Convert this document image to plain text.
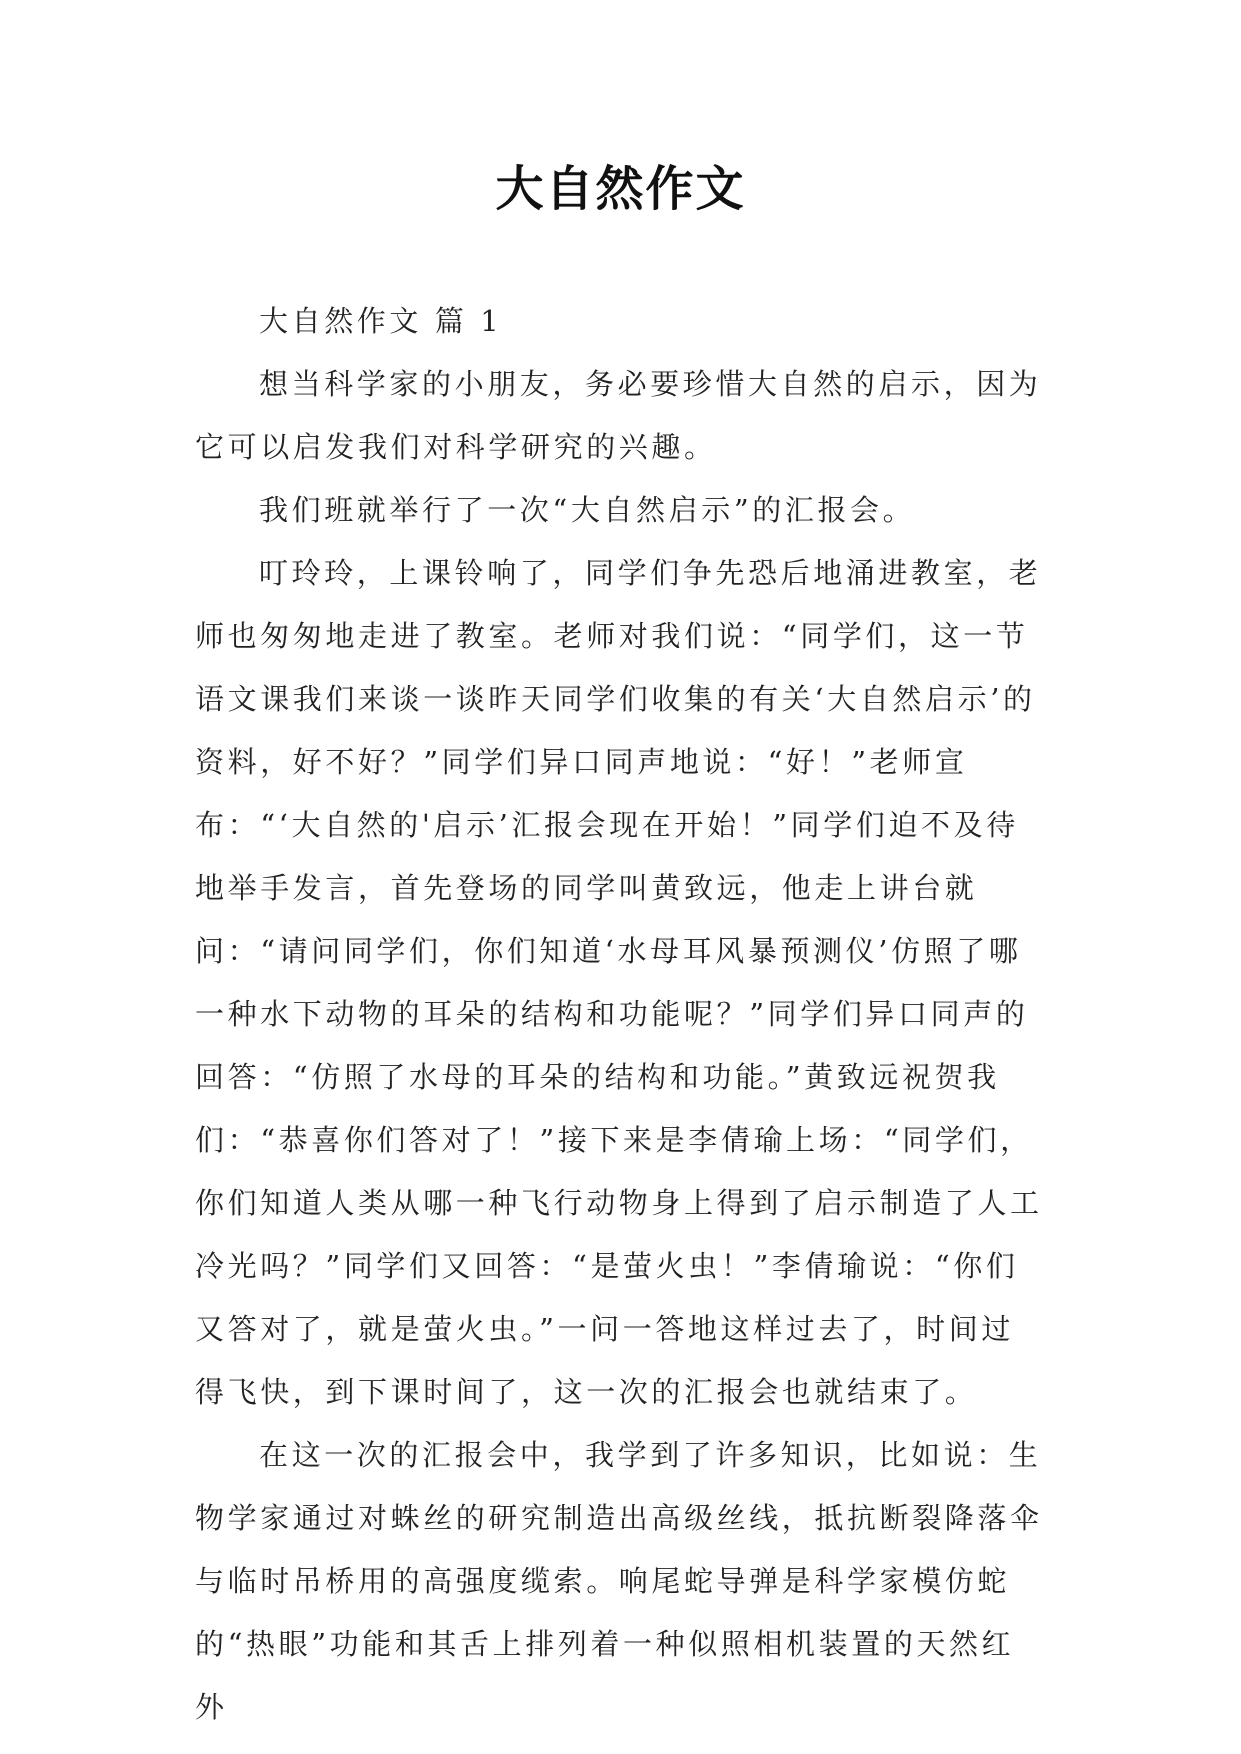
大自然作文

大自然作文 篇 1

想当科学家的小朋友，务必要珍惜大自然的启示，因为它可以启发我们对科学研究的兴趣。

我们班就举行了一次“大自然启示”的汇报会。

叮玲玲，上课铃响了，同学们争先恐后地涌进教室，老师也匆匆地走进了教室。老师对我们说：“同学们，这一节语文课我们来谈一谈昨天同学们收集的有关‘大自然启示’的资料，好不好？”同学们异口同声地说：“好！”老师宣布：“‘大自然的'启示’汇报会现在开始！”同学们迫不及待地举手发言，首先登场的同学叫黄致远，他走上讲台就问：“请问同学们，你们知道‘水母耳风暴预测仪’仿照了哪一种水下动物的耳朵的结构和功能呢？”同学们异口同声的回答：“仿照了水母的耳朵的结构和功能。”黄致远祝贺我们：“恭喜你们答对了！”接下来是李倩瑜上场：“同学们，你们知道人类从哪一种飞行动物身上得到了启示制造了人工冷光吗？”同学们又回答：“是萤火虫！”李倩瑜说：“你们又答对了，就是萤火虫。”一问一答地这样过去了，时间过得飞快，到下课时间了，这一次的汇报会也就结束了。

在这一次的汇报会中，我学到了许多知识，比如说：生物学家通过对蛛丝的研究制造出高级丝线，抵抗断裂降落伞与临时吊桥用的高强度缆索。响尾蛇导弹是科学家模仿蛇的“热眼”功能和其舌上排列着一种似照相机装置的天然红外
